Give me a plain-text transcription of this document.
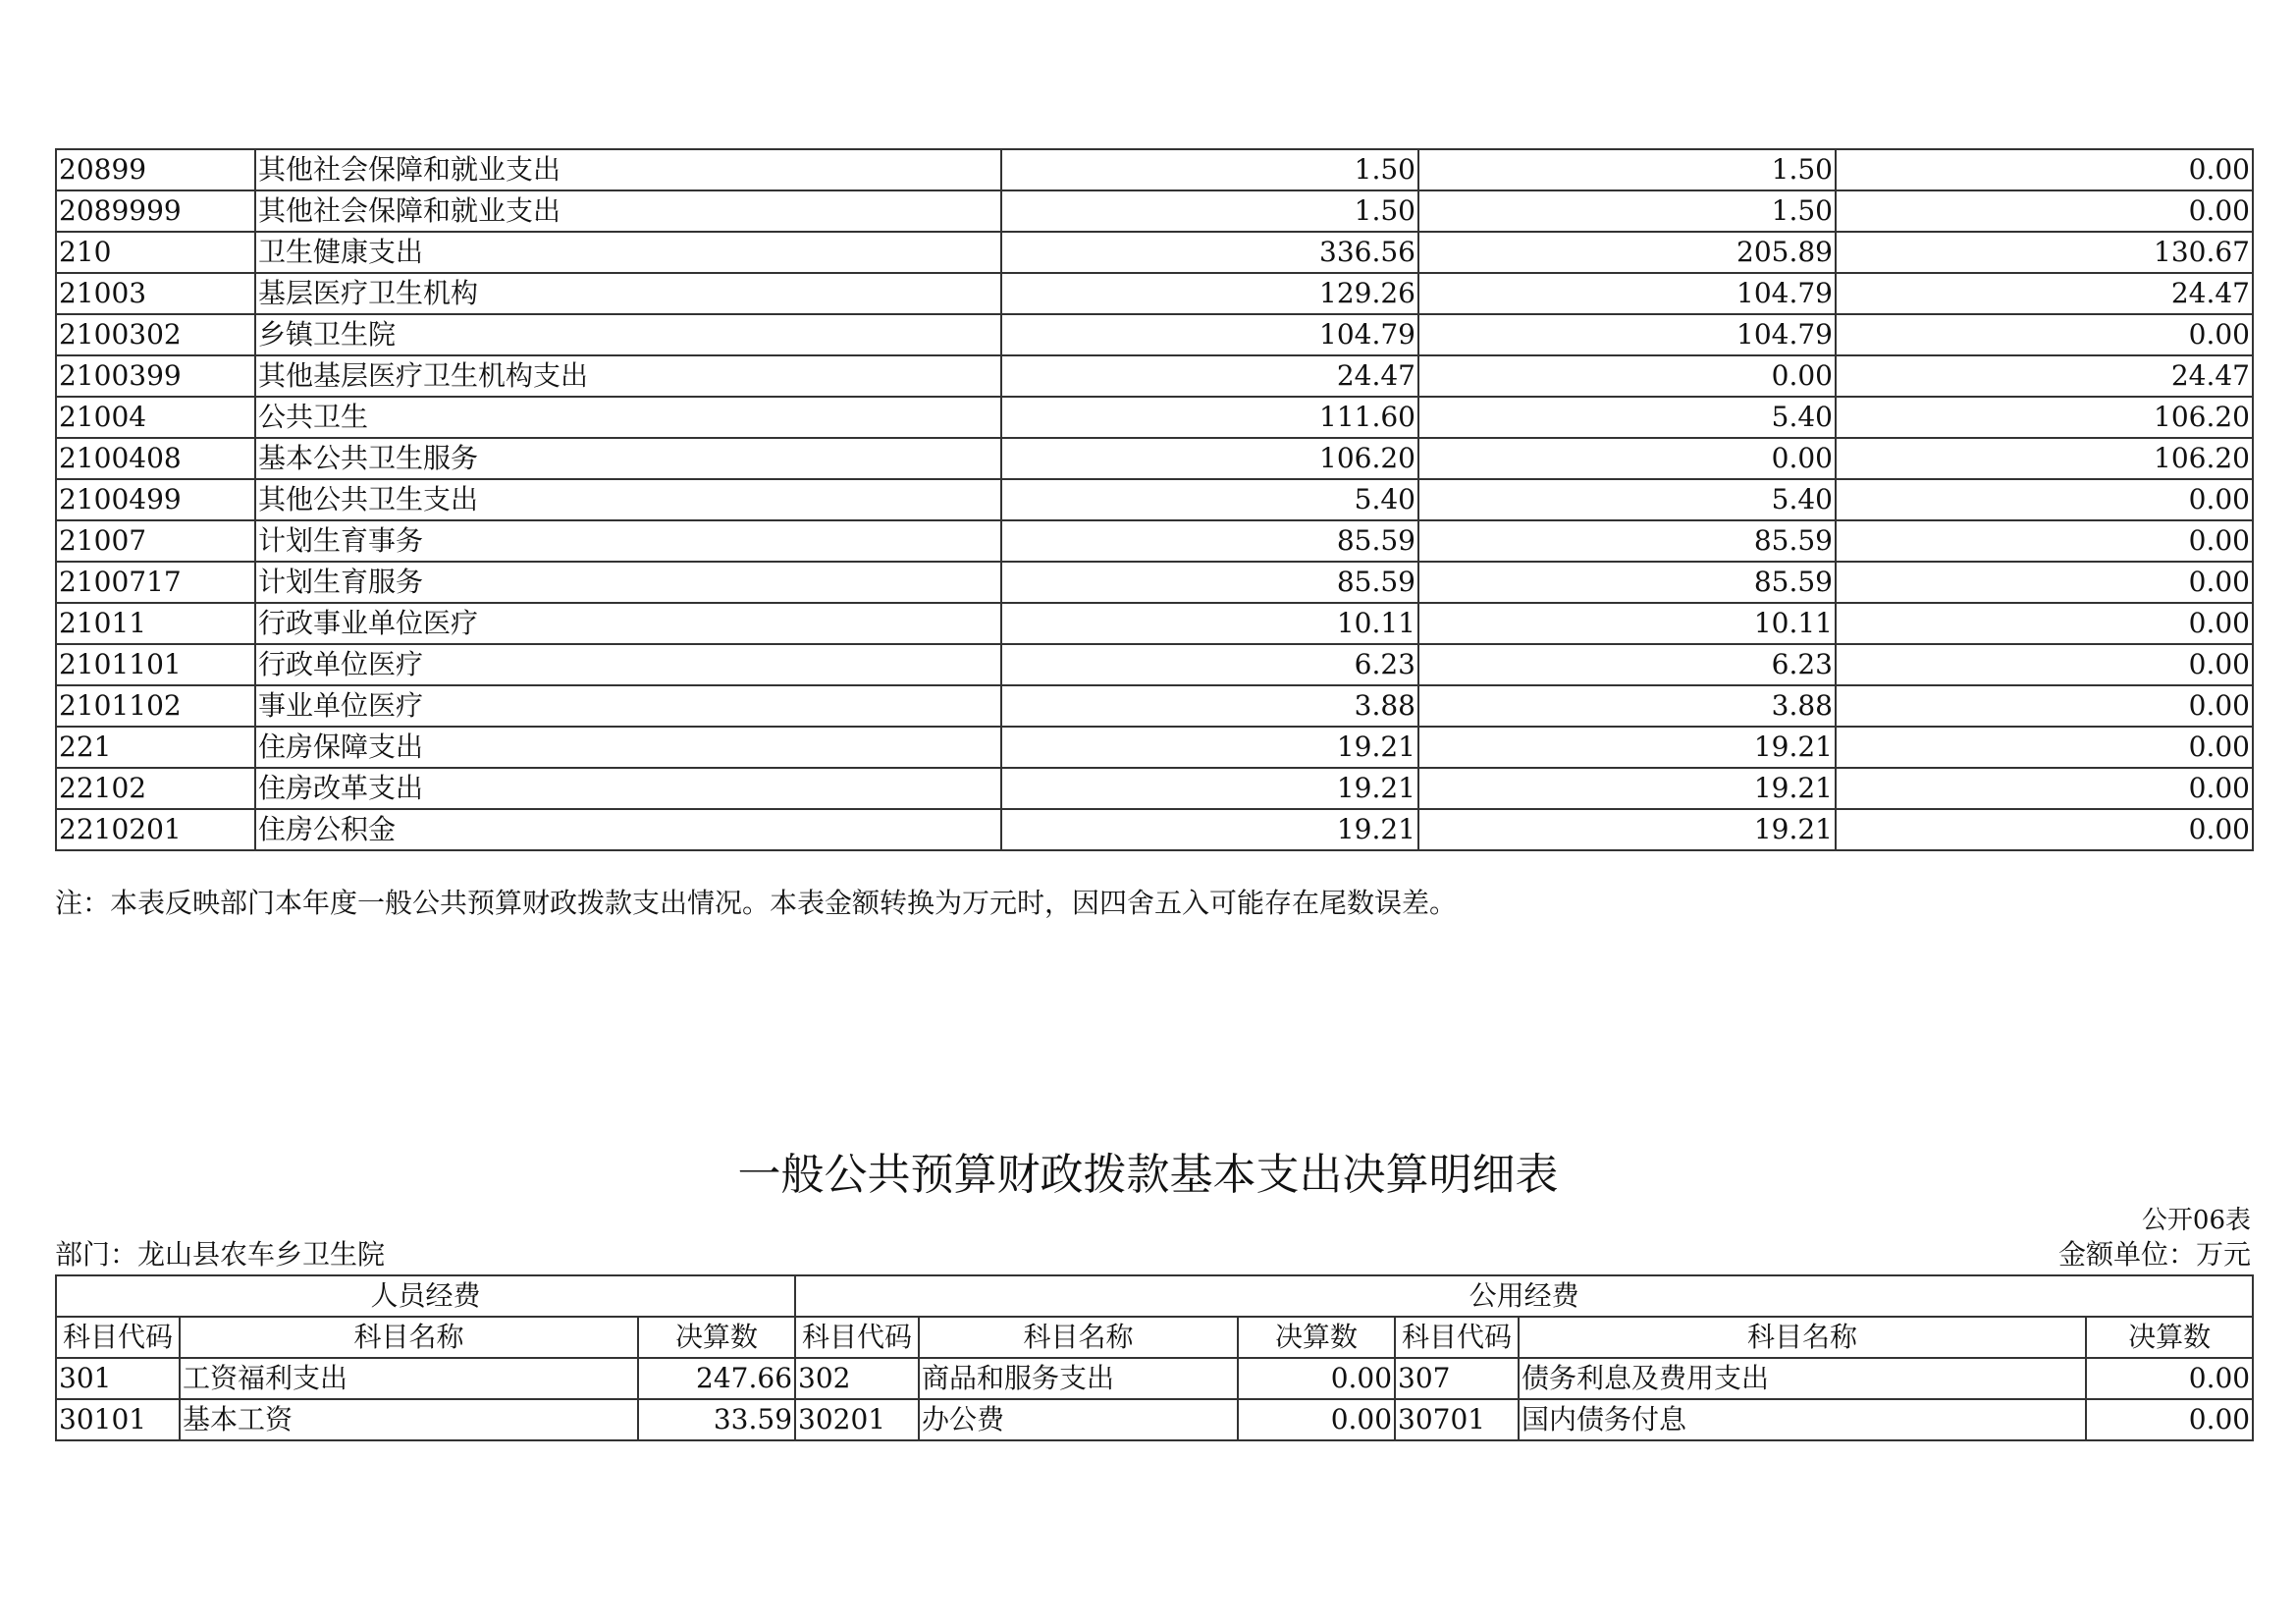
20899	其他社会保障和就业支出	1.50	1.50	0.00
2089999	其他社会保障和就业支出	1.50	1.50	0.00
210	卫生健康支出	336.56	205.89	130.67
21003	基层医疗卫生机构	129.26	104.79	24.47
2100302	乡镇卫生院	104.79	104.79	0.00
2100399	其他基层医疗卫生机构支出	24.47	0.00	24.47
21004	公共卫生	111.60	5.40	106.20
2100408	基本公共卫生服务	106.20	0.00	106.20
2100499	其他公共卫生支出	5.40	5.40	0.00
21007	计划生育事务	85.59	85.59	0.00
2100717	计划生育服务	85.59	85.59	0.00
21011	行政事业单位医疗	10.11	10.11	0.00
2101101	行政单位医疗	6.23	6.23	0.00
2101102	事业单位医疗	3.88	3.88	0.00
221	住房保障支出	19.21	19.21	0.00
22102	住房改革支出	19.21	19.21	0.00
2210201	住房公积金	19.21	19.21	0.00
注：本表反映部门本年度一般公共预算财政拨款支出情况。本表金额转换为万元时，因四舍五入可能存在尾数误差。
一般公共预算财政拨款基本支出决算明细表
公开06表
部门：龙山县农车乡卫生院	金额单位：万元
人员经费			公用经费					
科目代码	科目名称	决算数	科目代码	科目名称	决算数	科目代码	科目名称	决算数
301	工资福利支出	247.66	302	商品和服务支出	0.00	307	债务利息及费用支出	0.00
30101	基本工资	33.59	30201	办公费	0.00	30701	国内债务付息	0.00
